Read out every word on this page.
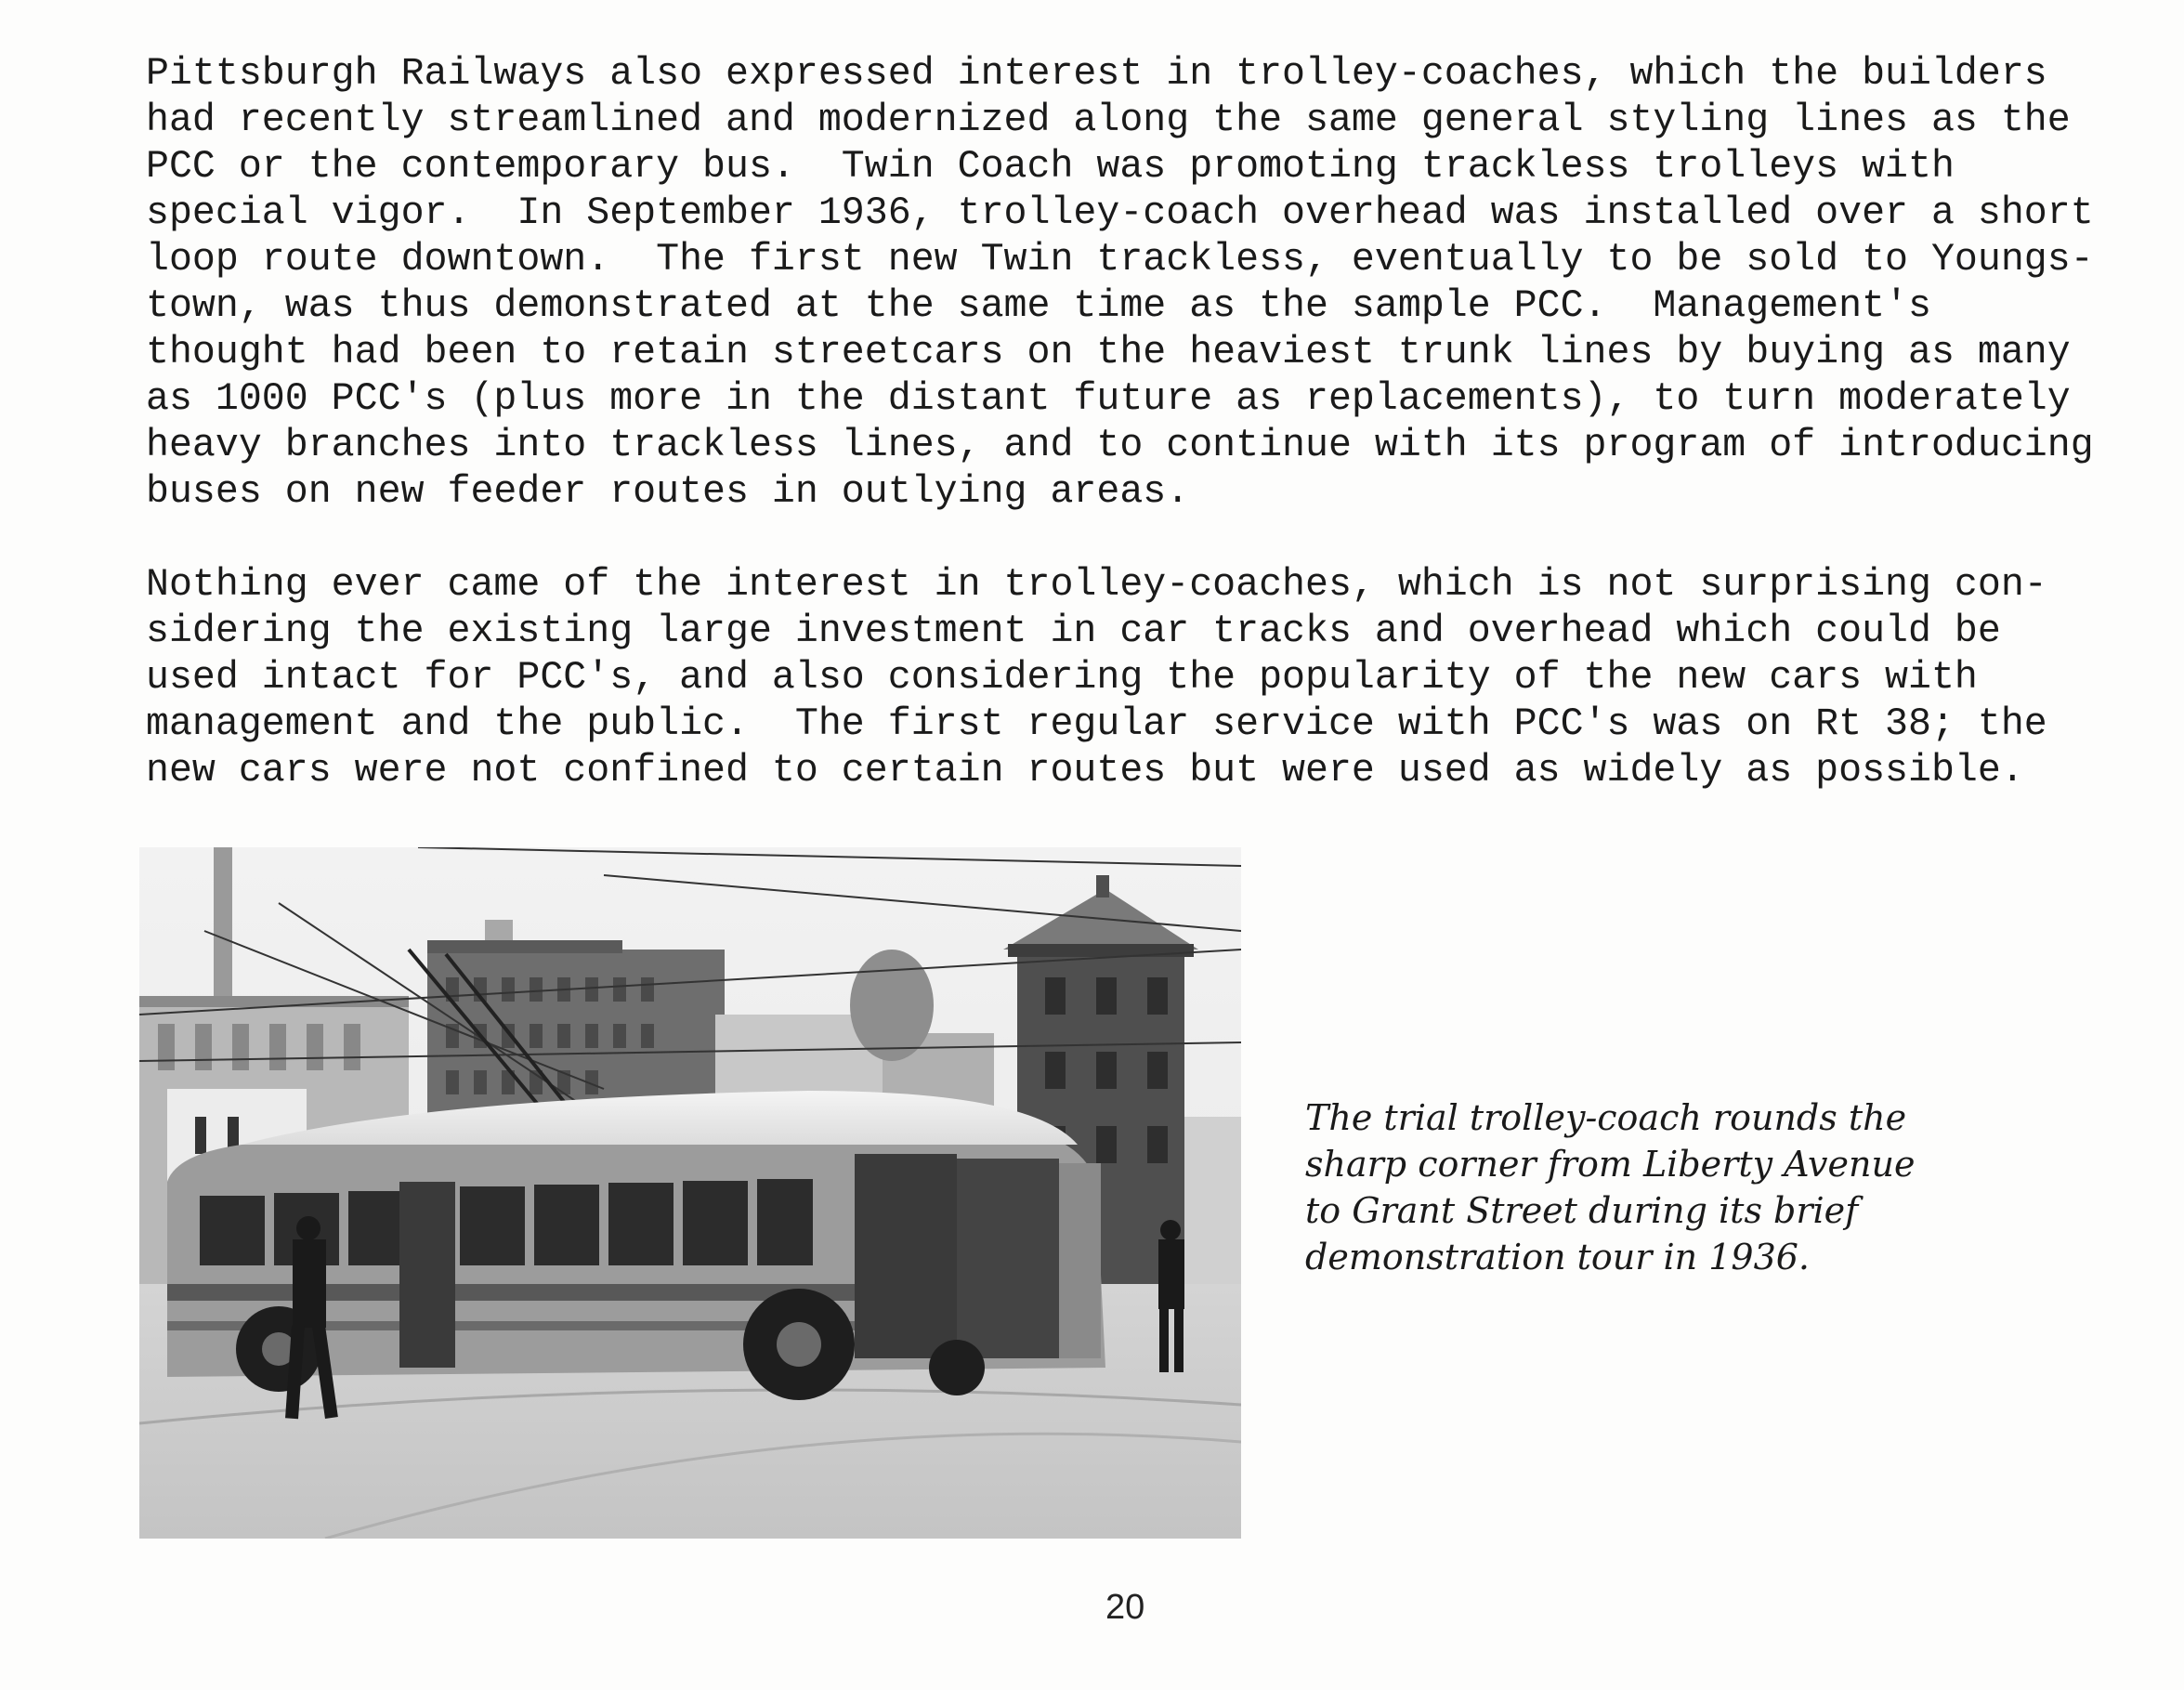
Pittsburgh Railways also expressed interest in trolley-coaches, which the builders
had recently streamlined and modernized along the same general styling lines as the
PCC or the contemporary bus.  Twin Coach was promoting trackless trolleys with
special vigor.  In September 1936, trolley-coach overhead was installed over a short
loop route downtown.  The first new Twin trackless, eventually to be sold to Youngs-
town, was thus demonstrated at the same time as the sample PCC.  Management's
thought had been to retain streetcars on the heaviest trunk lines by buying as many
as 1000 PCC's (plus more in the distant future as replacements), to turn moderately
heavy branches into trackless lines, and to continue with its program of introducing
buses on new feeder routes in outlying areas.
Nothing ever came of the interest in trolley-coaches, which is not surprising con-
sidering the existing large investment in car tracks and overhead which could be
used intact for PCC's, and also considering the popularity of the new cars with
management and the public.  The first regular service with PCC's was on Rt 38; the
new cars were not confined to certain routes but were used as widely as possible.
The trial trolley-coach rounds the
sharp corner from Liberty Avenue
to Grant Street during its brief
demonstration tour in 1936.
20
